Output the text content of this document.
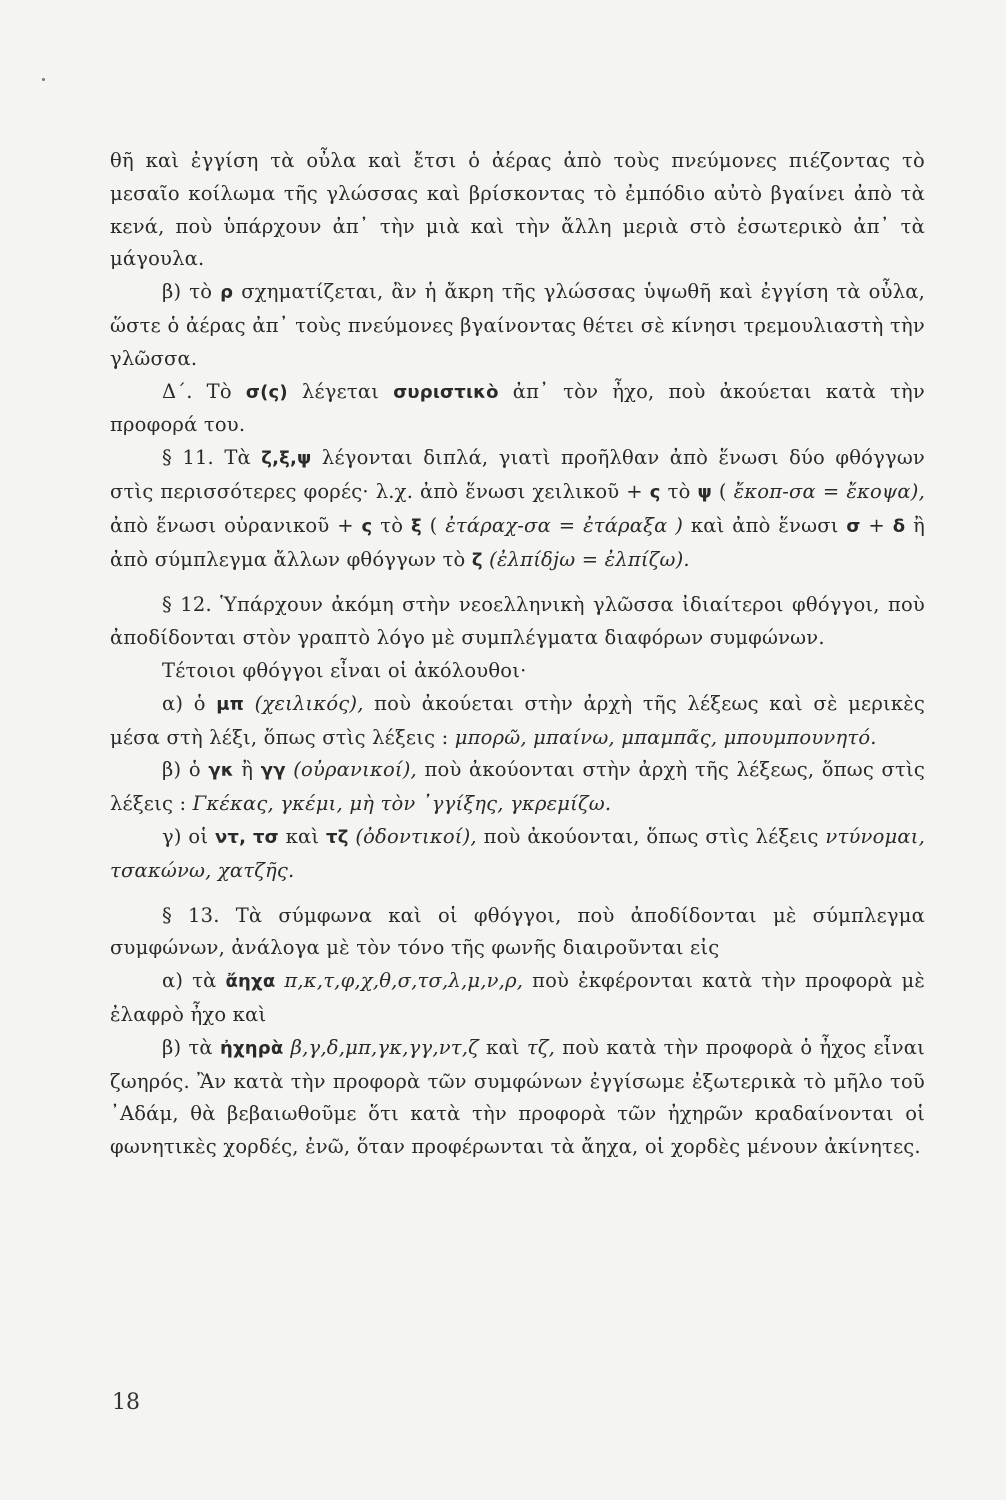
θῆ καὶ ἐγγίση τὰ οὖλα καὶ ἔτσι ὁ ἀέρας ἀπὸ τοὺς πνεύμονες πιέζοντας τὸ μεσαῖο κοίλωμα τῆς γλώσσας καὶ βρίσκοντας τὸ ἐμπόδιο αὐτὸ βγαίνει ἀπὸ τὰ κενά, ποὺ ὑπάρχουν ἀπ᾿ τὴν μιὰ καὶ τὴν ἄλλη μεριὰ στὸ ἐσωτερικὸ ἀπ᾿ τὰ μάγουλα.

β) τὸ ρ σχηματίζεται, ἂν ἡ ἄκρη τῆς γλώσσας ὑψωθῆ καὶ ἐγγίση τὰ οὖλα, ὥστε ὁ ἀέρας ἀπ᾿ τοὺς πνεύμονες βγαίνοντας θέτει σὲ κίνησι τρεμουλιαστὴ τὴν γλῶσσα.

Δ΄. Τὸ σ(ς) λέγεται συριστικὸ ἀπ᾿ τὸν ἦχο, ποὺ ἀκούεται κατὰ τὴν προφορά του.

§ 11. Τὰ ζ,ξ,ψ λέγονται διπλά, γιατὶ προῆλθαν ἀπὸ ἕνωσι δύο φθόγγων στὶς περισσότερες φορές· λ.χ. ἀπὸ ἕνωσι χειλικοῦ + ς τὸ ψ ( ἔκοπ-σα = ἔκοψα), ἀπὸ ἕνωσι οὐρανικοῦ + ς τὸ ξ ( ἐτάραχ-σα = ἐτάραξα ) καὶ ἀπὸ ἕνωσι σ + δ ἢ ἀπὸ σύμπλεγμα ἄλλων φθόγγων τὸ ζ (ἐλπίδjω = ἐλπίζω).

§ 12. Ὑπάρχουν ἀκόμη στὴν νεοελληνικὴ γλῶσσα ἰδιαίτεροι φθόγγοι, ποὺ ἀποδίδονται στὸν γραπτὸ λόγο μὲ συμπλέγματα διαφόρων συμφώνων.

Τέτοιοι φθόγγοι εἶναι οἱ ἀκόλουθοι·

α) ὁ μπ (χειλικός), ποὺ ἀκούεται στὴν ἀρχὴ τῆς λέξεως καὶ σὲ μερικὲς μέσα στὴ λέξι, ὅπως στὶς λέξεις : μπορῶ, μπαίνω, μπαμπᾶς, μπουμπουνητό.

β) ὁ γκ ἢ γγ (οὐρανικοί), ποὺ ἀκούονται στὴν ἀρχὴ τῆς λέξεως, ὅπως στὶς λέξεις : Γκέκας, γκέμι, μὴ τὸν ᾿γγίξης, γκρεμίζω.

γ) οἱ ντ, τσ καὶ τζ (ὀδοντικοί), ποὺ ἀκούονται, ὅπως στὶς λέξεις ντύνομαι, τσακώνω, χατζῆς.

§ 13. Τὰ σύμφωνα καὶ οἱ φθόγγοι, ποὺ ἀποδίδονται μὲ σύμπλεγμα συμφώνων, ἀνάλογα μὲ τὸν τόνο τῆς φωνῆς διαιροῦνται εἰς

α) τὰ ἄηχα π,κ,τ,φ,χ,θ,σ,τσ,λ,μ,ν,ρ, ποὺ ἐκφέρονται κατὰ τὴν προφορὰ μὲ ἐλαφρὸ ἦχο καὶ

β) τὰ ἠχηρὰ β,γ,δ,μπ,γκ,γγ,ντ,ζ καὶ τζ, ποὺ κατὰ τὴν προφορὰ ὁ ἦχος εἶναι ζωηρός. Ἂν κατὰ τὴν προφορὰ τῶν συμφώνων ἐγγίσωμε ἐξωτερικὰ τὸ μῆλο τοῦ ᾿Αδάμ, θὰ βεβαιωθοῦμε ὅτι κατὰ τὴν προφορὰ τῶν ἠχηρῶν κραδαίνονται οἱ φωνητικὲς χορδές, ἐνῶ, ὅταν προφέρωνται τὰ ἄηχα, οἱ χορδὲς μένουν ἀκίνητες.

18
